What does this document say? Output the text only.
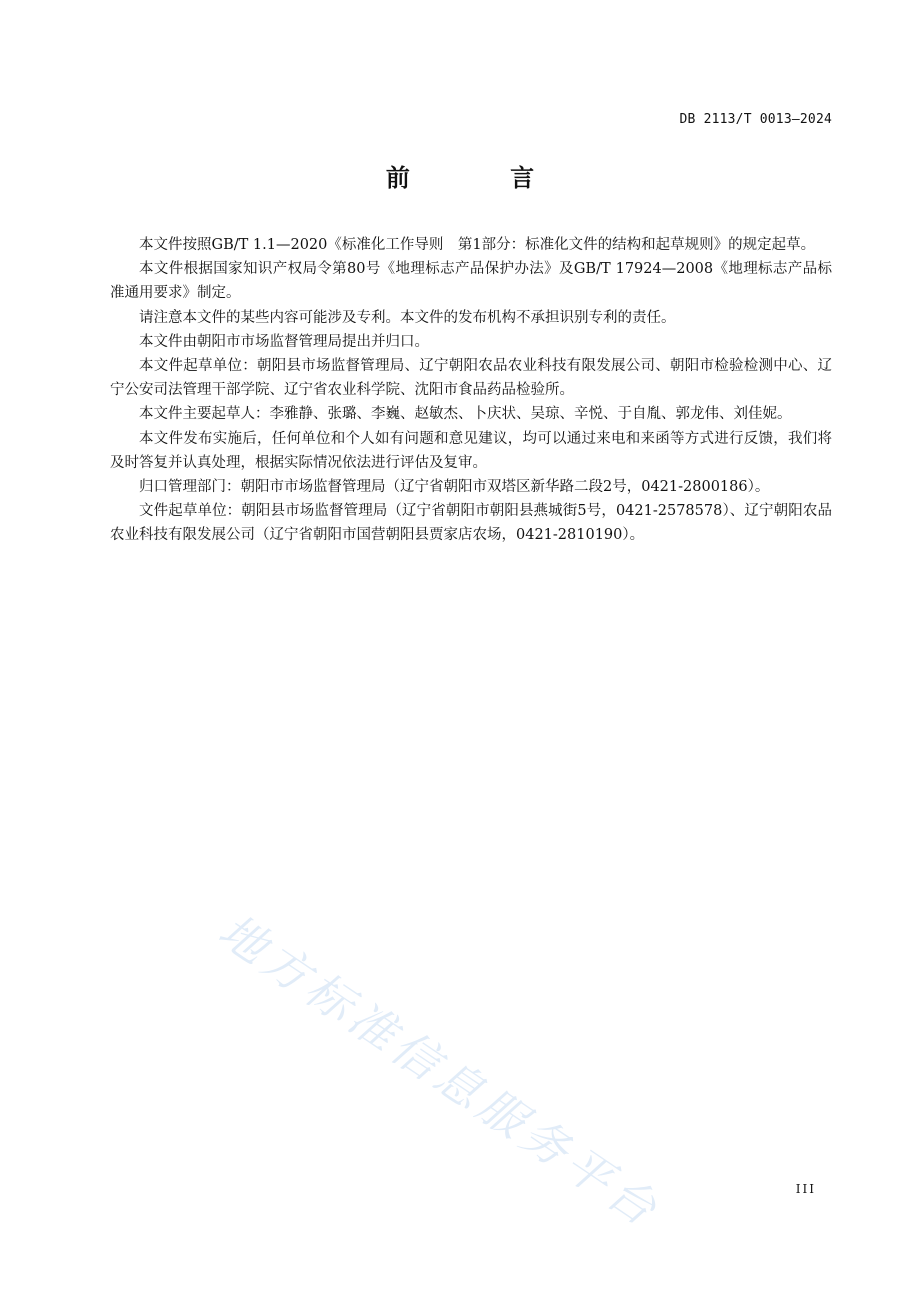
DB 2113/T 0013—2024
前 言

本文件按照GB/T 1.1—2020《标准化工作导则　第1部分：标准化文件的结构和起草规则》的规定起草。

本文件根据国家知识产权局令第80号《地理标志产品保护办法》及GB/T 17924—2008《地理标志产品标准通用要求》制定。

请注意本文件的某些内容可能涉及专利。本文件的发布机构不承担识别专利的责任。

本文件由朝阳市市场监督管理局提出并归口。

本文件起草单位：朝阳县市场监督管理局、辽宁朝阳农品农业科技有限发展公司、朝阳市检验检测中心、辽宁公安司法管理干部学院、辽宁省农业科学院、沈阳市食品药品检验所。

本文件主要起草人：李雅静、张璐、李巍、赵敏杰、卜庆状、吴琼、辛悦、于自胤、郭龙伟、刘佳妮。

本文件发布实施后，任何单位和个人如有问题和意见建议，均可以通过来电和来函等方式进行反馈，我们将及时答复并认真处理，根据实际情况依法进行评估及复审。

归口管理部门：朝阳市市场监督管理局（辽宁省朝阳市双塔区新华路二段2号，0421-2800186）。

文件起草单位：朝阳县市场监督管理局（辽宁省朝阳市朝阳县燕城街5号，0421-2578578）、辽宁朝阳农品农业科技有限发展公司（辽宁省朝阳市国营朝阳县贾家店农场，0421-2810190）。

地方标准信息服务平台	III
